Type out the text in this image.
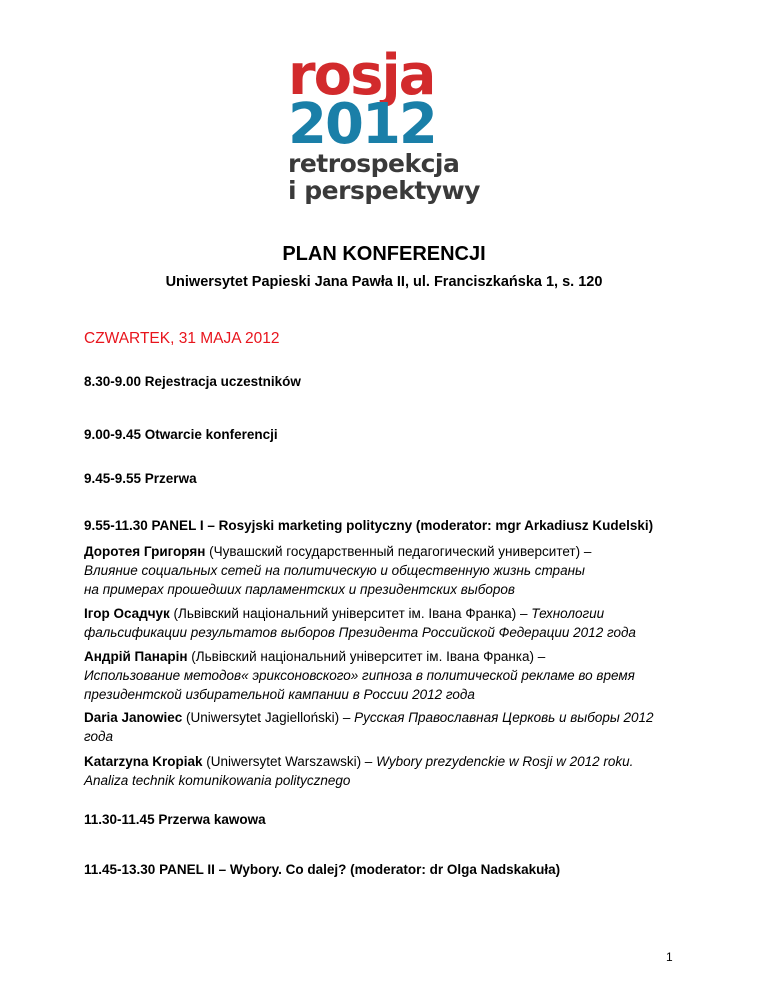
rosja
2012
retrospekcja
i perspektywy
PLAN KONFERENCJI
Uniwersytet Papieski Jana Pawła II, ul. Franciszkańska 1, s. 120
CZWARTEK, 31 MAJA 2012
8.30-9.00 Rejestracja uczestników
9.00-9.45 Otwarcie konferencji
9.45-9.55 Przerwa
9.55-11.30 PANEL I – Rosyjski marketing polityczny (moderator: mgr Arkadiusz Kudelski)
Доротея Григорян (Чувашский государственный педагогический университет) –
Влияние социальных сетей на политическую и общественную жизнь страны
на примерах прошедших парламентских и президентских выборов
Ігор Осадчук (Львівский національний університет ім. Івана Франка) – Технологии
фальсификации результатов выборов Президента Российской Федерации 2012 года
Андрій Панарін (Львівский національний університет ім. Івана Франка) –
Использование методов« эриксоновского» гипноза в политической рекламе во время
президентской избирательной кампании в России 2012 года
Daria Janowiec (Uniwersytet Jagielloński) – Русская Православная Церковь и выборы 2012
года
Katarzyna Kropiak (Uniwersytet Warszawski) – Wybory prezydenckie w Rosji w 2012 roku.
Analiza technik komunikowania politycznego
11.30-11.45 Przerwa kawowa
11.45-13.30 PANEL II – Wybory. Co dalej? (moderator: dr Olga Nadskakuła)
1
